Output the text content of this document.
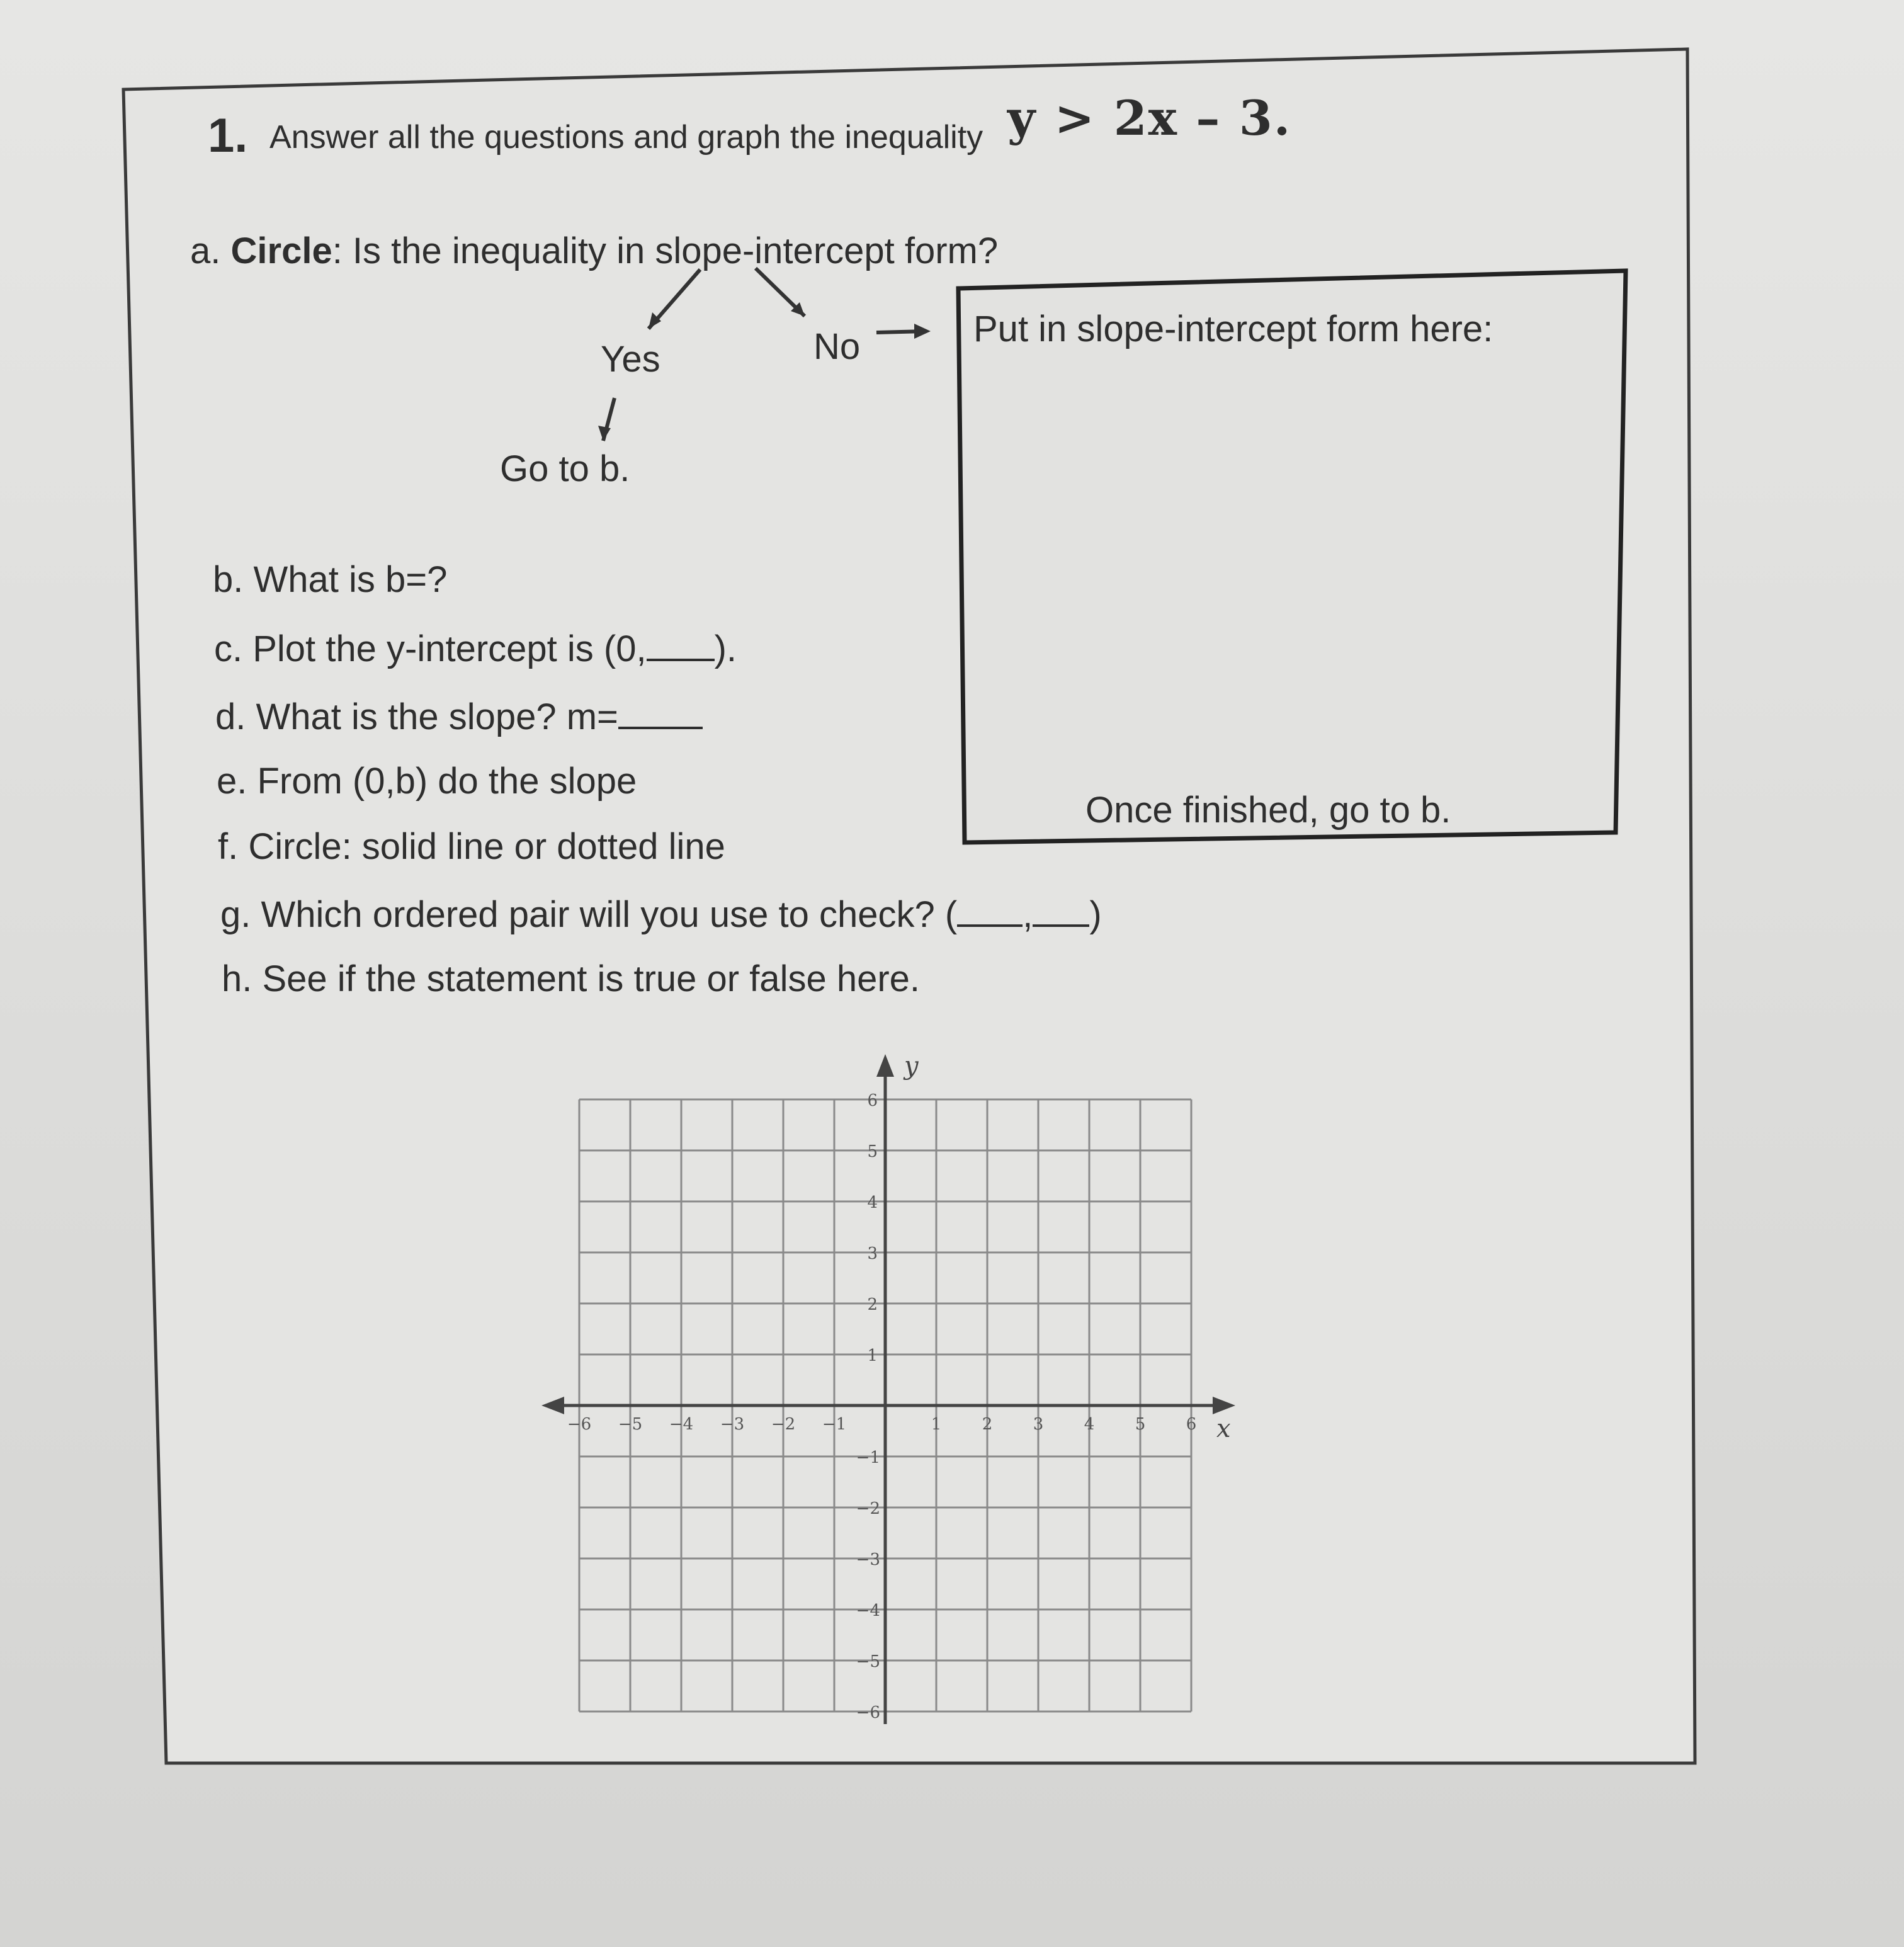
1. Answer all the questions and graph the inequality y > 2x – 3.
a. Circle: Is the inequality in slope-intercept form?
Yes	No
Go to b.
Put in slope-intercept form here:
Once finished, go to b.
b. What is b=?
c. Plot the y-intercept is (0, ).
d. What is the slope? m=
e. From (0,b) do the slope
f. Circle: solid line or dotted line
g. Which ordered pair will you use to check? ( , )
h. See if the statement is true or false here.
y
x
−6 −5 −4 −3 −2 −1	1 2 3 4 5 6
6
5
4
3
2
1
−1
−2
−3
−4
−5
−6
